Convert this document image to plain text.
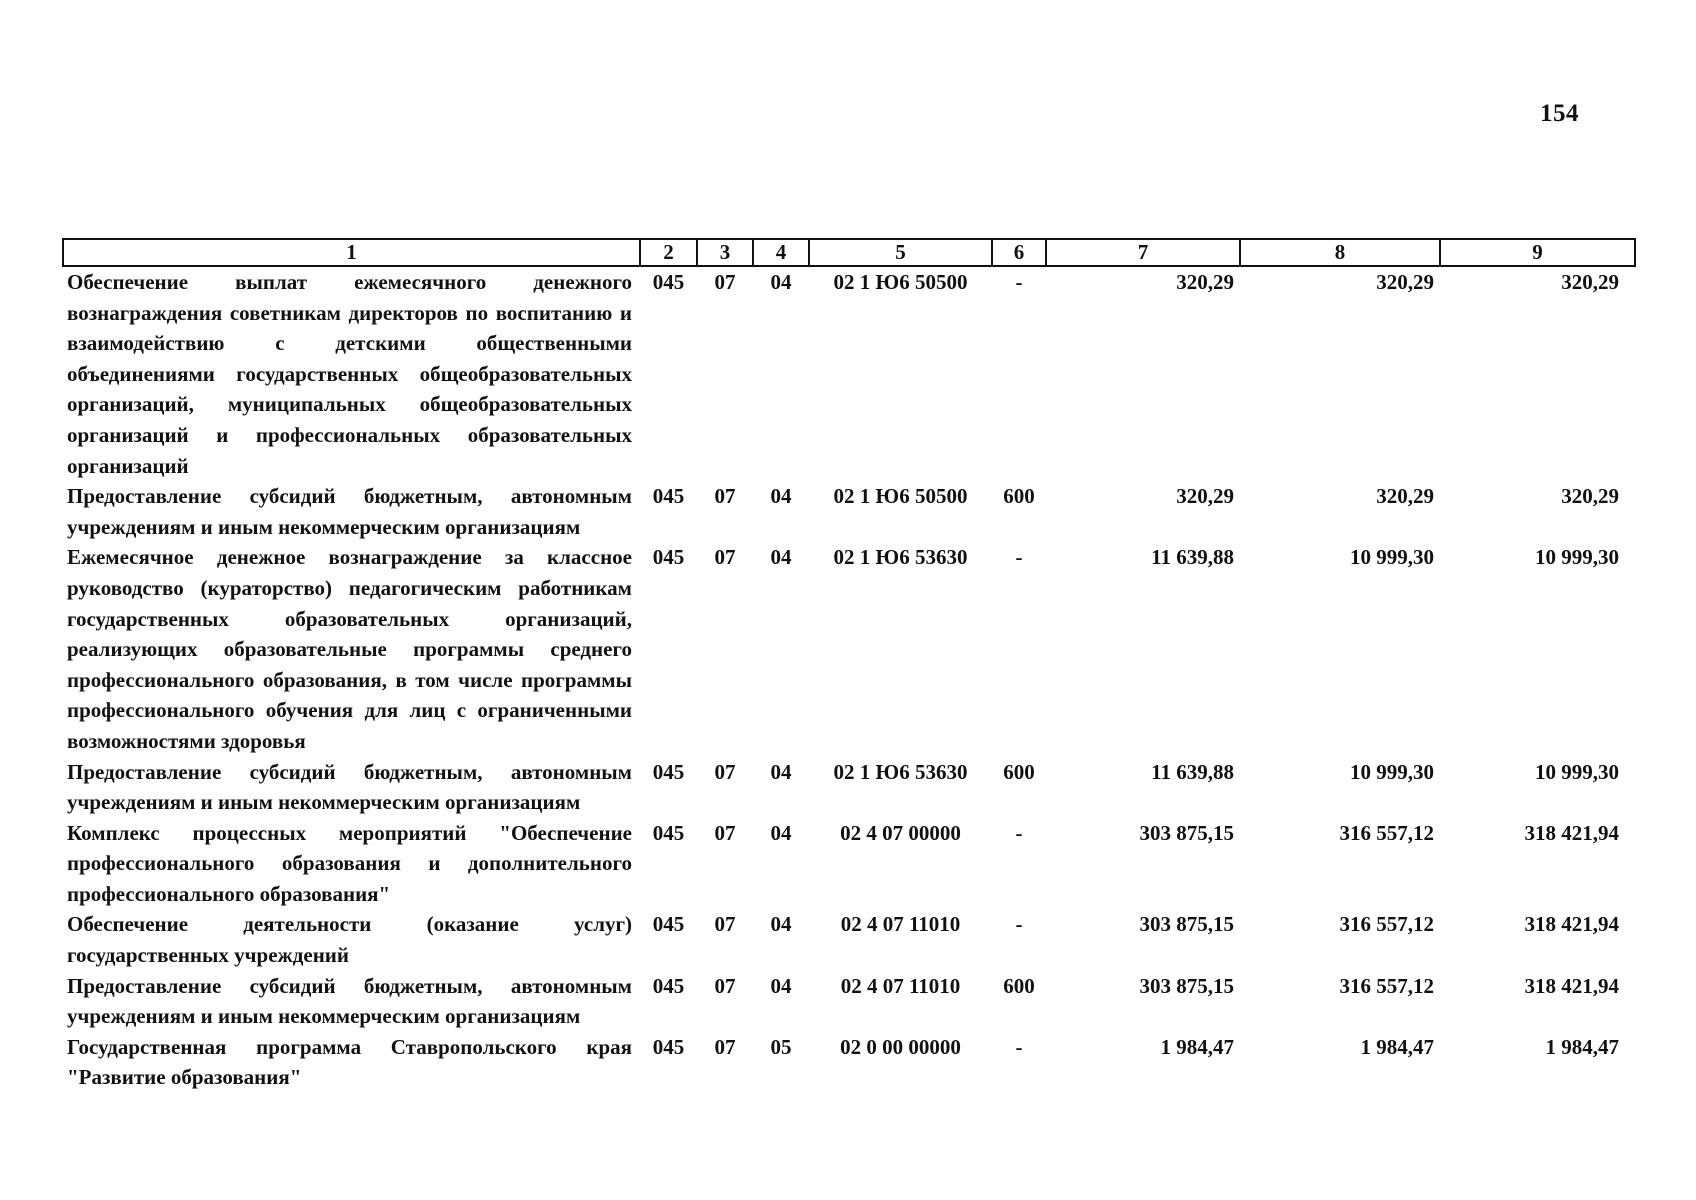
154
1	2	3	4	5	6	7	8	9
Обеспечение выплат ежемесячного денежного вознаграждения советникам директоров по воспитанию и взаимодействию с детскими общественными объединениями государственных общеобразовательных организаций, муниципальных общеобразовательных организаций и профессиональных образовательных организаций	045	07	04	02 1 Ю6 50500	-	320,29	320,29	320,29
Предоставление субсидий бюджетным, автономным учреждениям и иным некоммерческим организациям	045	07	04	02 1 Ю6 50500	600	320,29	320,29	320,29
Ежемесячное денежное вознаграждение за классное руководство (кураторство) педагогическим работникам государственных образовательных организаций, реализующих образовательные программы среднего профессионального образования, в том числе программы профессионального обучения для лиц с ограниченными возможностями здоровья	045	07	04	02 1 Ю6 53630	-	11 639,88	10 999,30	10 999,30
Предоставление субсидий бюджетным, автономным учреждениям и иным некоммерческим организациям	045	07	04	02 1 Ю6 53630	600	11 639,88	10 999,30	10 999,30
Комплекс процессных мероприятий "Обеспечение профессионального образования и дополнительного профессионального образования"	045	07	04	02 4 07 00000	-	303 875,15	316 557,12	318 421,94
Обеспечение деятельности (оказание услуг) государственных учреждений	045	07	04	02 4 07 11010	-	303 875,15	316 557,12	318 421,94
Предоставление субсидий бюджетным, автономным учреждениям и иным некоммерческим организациям	045	07	04	02 4 07 11010	600	303 875,15	316 557,12	318 421,94
Государственная программа Ставропольского края "Развитие образования"	045	07	05	02 0 00 00000	-	1 984,47	1 984,47	1 984,47
